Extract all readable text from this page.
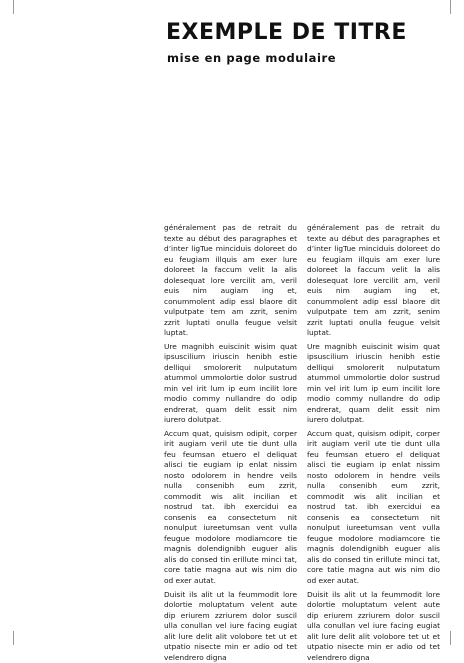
EXEMPLE DE TITRE
mise en page modulaire

généralement pas de retrait du texte au début des paragraphes et d’inter ligTue minciduis doloreet do eu feugiam illquis am exer lure doloreet la faccum velit la alis dolesequat lore vercilit am, veril euis nim augiam ing et, conummolent adip essl blaore dit vulputpate tem am zzrit, senim zzrit luptati onulla feugue velsit luptat.

Ure magnibh euiscinit wisim quat ipsuscilium iriuscin henibh estie delliqui smolorerit nulputatum atummol ummolortie dolor sustrud min vel irit lum ip eum incilit lore modio commy nullandre do odip endrerat, quam delit essit nim iurero dolutpat.

Accum quat, quisism odipit, corper irit augiam veril ute tie dunt ulla feu feumsan etuero el deliquat alisci tie eugiam ip enlat nissim nosto odolorem in hendre veils nulla consenibh eum zzrit, commodit wis alit incilian et nostrud tat. ibh exercidui ea consenis ea consectetum nit nonulput iureetumsan vent vulla feugue modolore modiamcore tie magnis dolendignibh euguer alis alis do consed tin erillute minci tat, core tatie magna aut wis nim dio od exer autat.

Duisit ils alit ut la feummodit lore dolortie moluptatum velent aute dip eriurem zzriurem dolor suscil ulla conullan vel iure facing eugiat alit lure delit alit volobore tet ut et utpatio nisecte min er adio od tet velendrero digna

généralement pas de retrait du texte au début des paragraphes et d’inter ligTue minciduis doloreet do eu feugiam illquis am exer lure doloreet la faccum velit la alis dolesequat lore vercilit am, veril euis nim augiam ing et, conummolent adip essl blaore dit vulputpate tem am zzrit, senim zzrit luptati onulla feugue velsit luptat.

Ure magnibh euiscinit wisim quat ipsuscilium iriuscin henibh estie delliqui smolorerit nulputatum atummol ummolortie dolor sustrud min vel irit lum ip eum incilit lore modio commy nullandre do odip endrerat, quam delit essit nim iurero dolutpat.

Accum quat, quisism odipit, corper irit augiam veril ute tie dunt ulla feu feumsan etuero el deliquat alisci tie eugiam ip enlat nissim nosto odolorem in hendre veils nulla consenibh eum zzrit, commodit wis alit incilian et nostrud tat. ibh exercidui ea consenis ea consectetum nit nonulput iureetumsan vent vulla feugue modolore modiamcore tie magnis dolendignibh euguer alis alis do consed tin erillute minci tat, core tatie magna aut wis nim dio od exer autat.

Duisit ils alit ut la feummodit lore dolortie moluptatum velent aute dip eriurem zzriurem dolor suscil ulla conullan vel iure facing eugiat alit lure delit alit volobore tet ut et utpatio nisecte min er adio od tet velendrero digna
